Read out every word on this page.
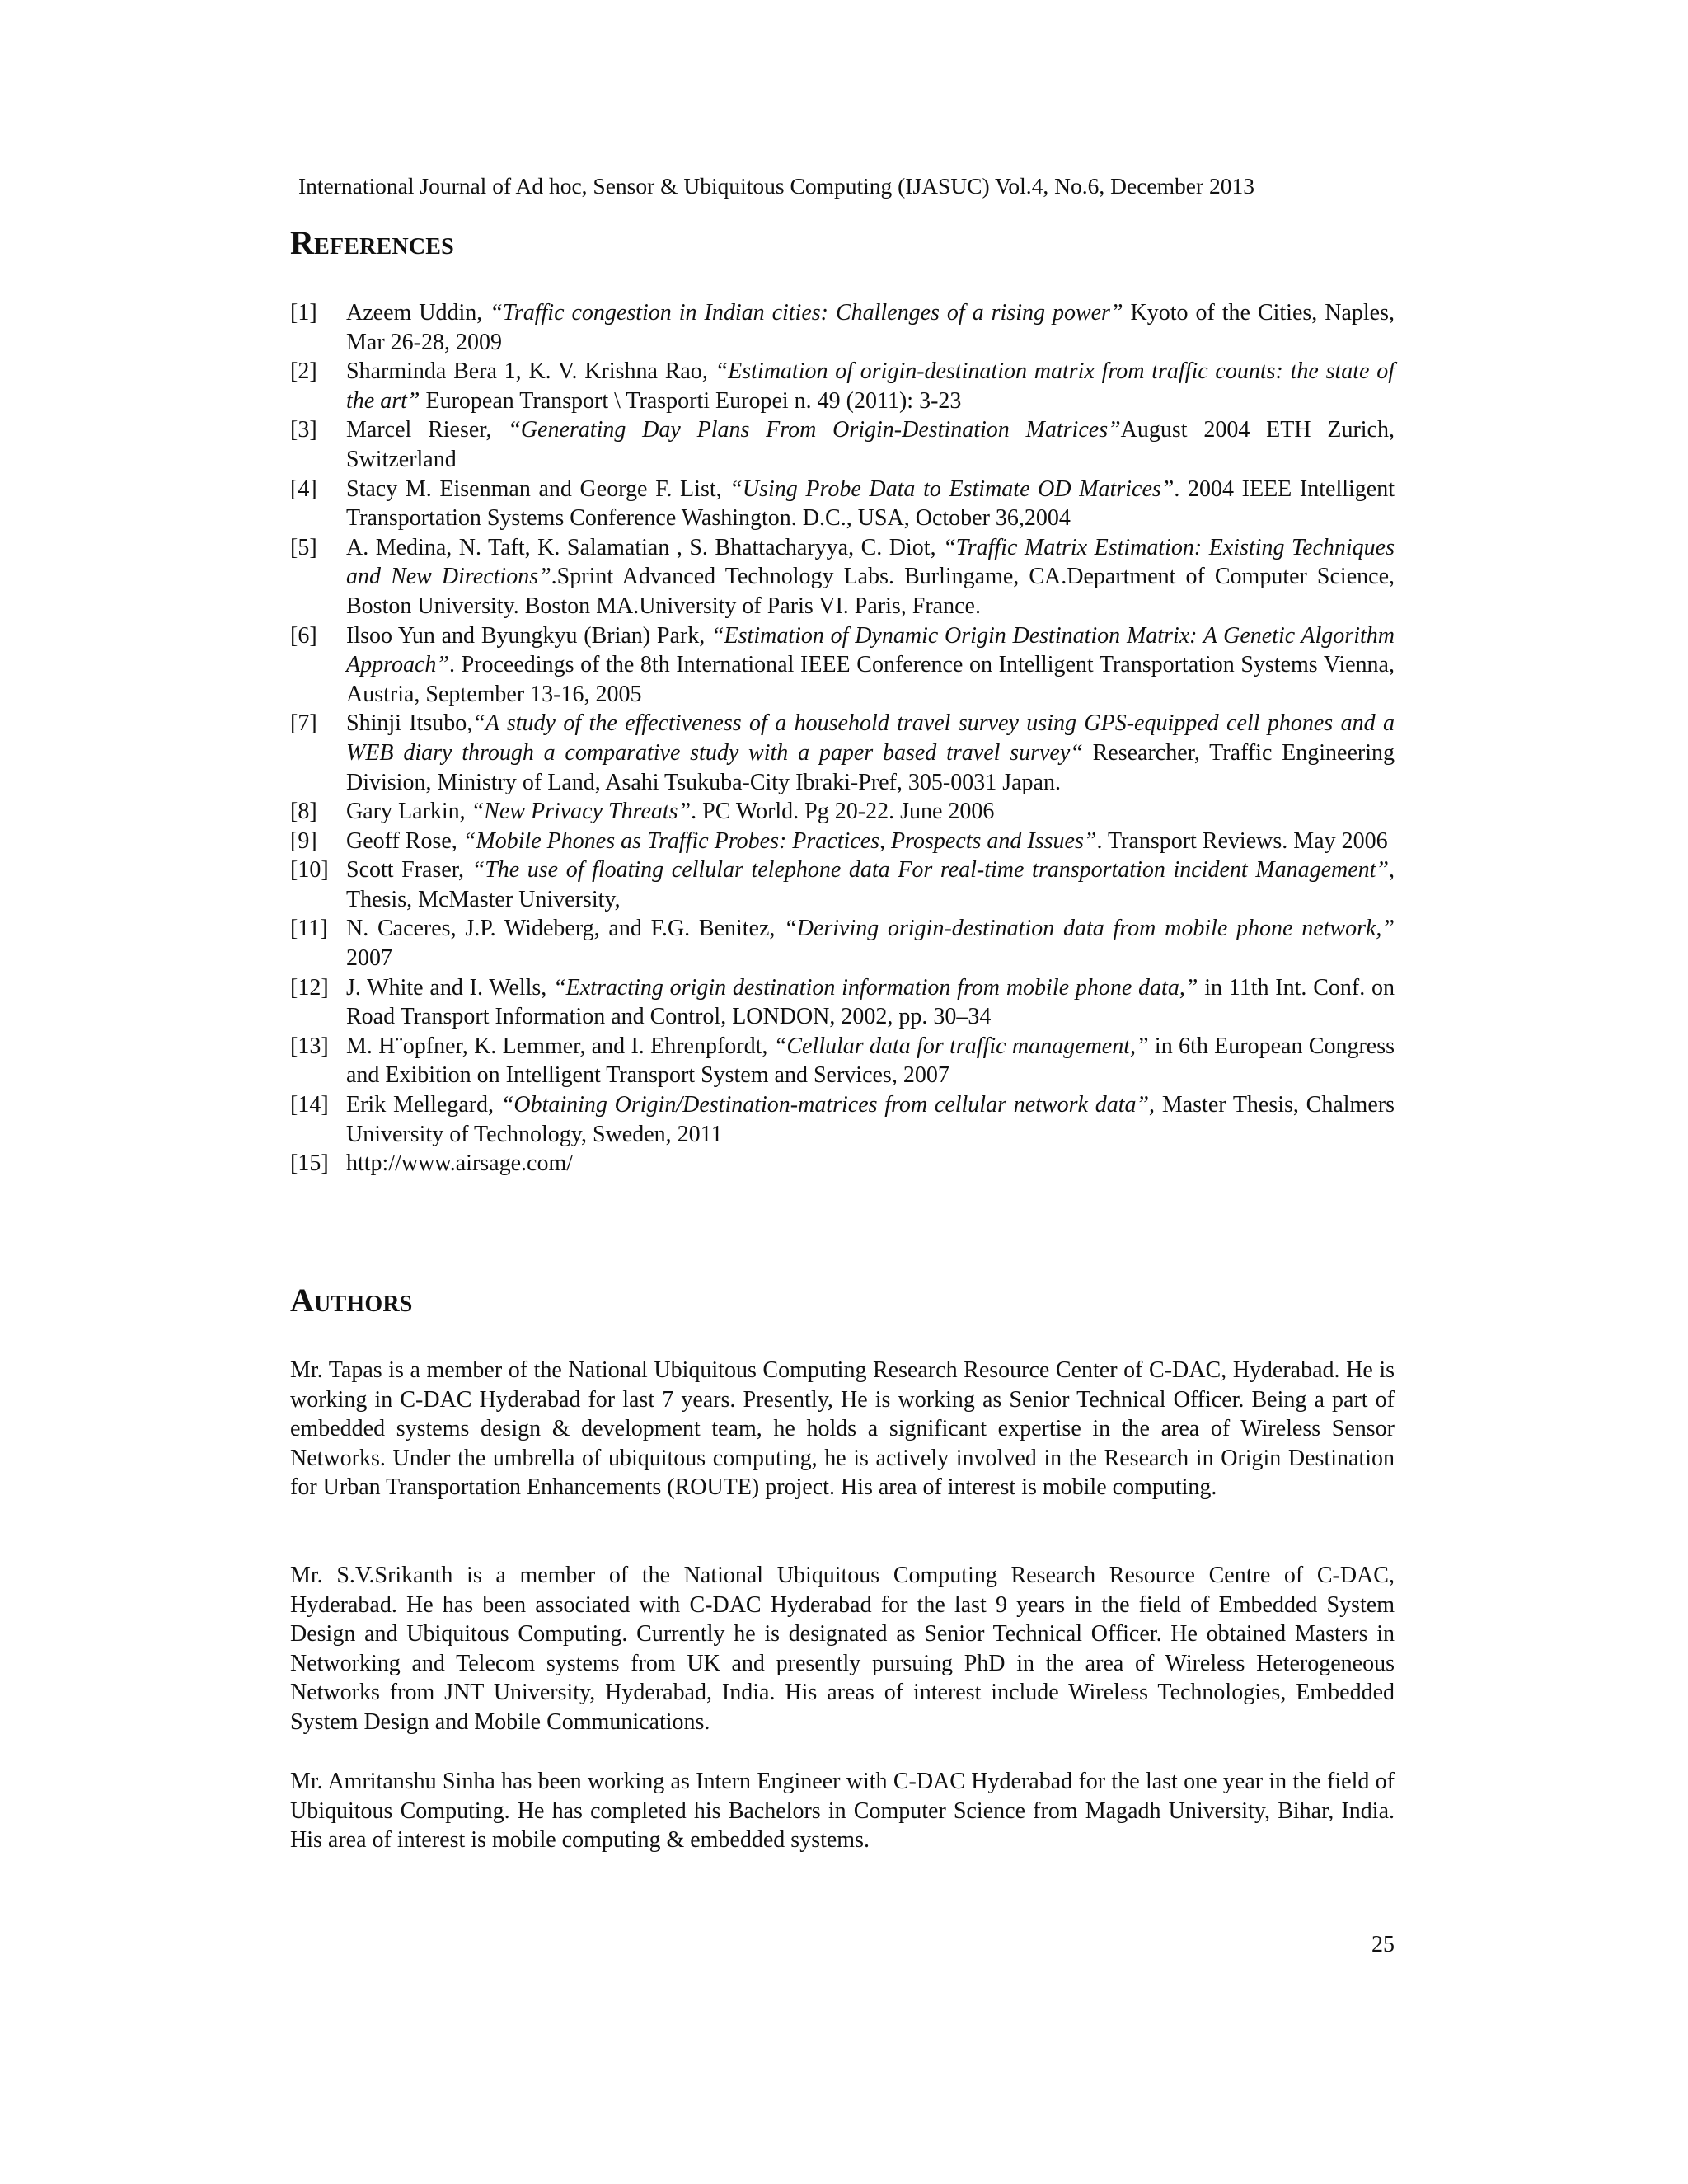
International Journal of Ad hoc, Sensor & Ubiquitous Computing (IJASUC) Vol.4, No.6, December 2013
References
[1] Azeem Uddin, “Traffic congestion in Indian cities: Challenges of a rising power” Kyoto of the Cities, Naples, Mar 26-28, 2009
[2] Sharminda Bera 1, K. V. Krishna Rao, “Estimation of origin-destination matrix from traffic counts: the state of the art” European Transport \ Trasporti Europei n. 49 (2011): 3-23
[3] Marcel Rieser, “Generating Day Plans From Origin-Destination Matrices”August 2004 ETH Zurich, Switzerland
[4] Stacy M. Eisenman and George F. List, “Using Probe Data to Estimate OD Matrices”. 2004 IEEE Intelligent Transportation Systems Conference Washington. D.C., USA, October 36,2004
[5] A. Medina, N. Taft, K. Salamatian , S. Bhattacharyya, C. Diot, “Traffic Matrix Estimation: Existing Techniques and New Directions”.Sprint Advanced Technology Labs. Burlingame, CA.Department of Computer Science, Boston University. Boston MA.University of Paris VI. Paris, France.
[6] Ilsoo Yun and Byungkyu (Brian) Park, “Estimation of Dynamic Origin Destination Matrix: A Genetic Algorithm Approach”. Proceedings of the 8th International IEEE Conference on Intelligent Transportation Systems Vienna, Austria, September 13-16, 2005
[7] Shinji Itsubo,“A study of the effectiveness of a household travel survey using GPS-equipped cell phones and a WEB diary through a comparative study with a paper based travel survey“ Researcher, Traffic Engineering Division, Ministry of Land, Asahi Tsukuba-City Ibraki-Pref, 305-0031 Japan.
[8] Gary Larkin, “New Privacy Threats”. PC World. Pg 20-22. June 2006
[9] Geoff Rose, “Mobile Phones as Traffic Probes: Practices, Prospects and Issues”. Transport Reviews. May 2006
[10] Scott Fraser, “The use of floating cellular telephone data For real-time transportation incident Management”, Thesis, McMaster University,
[11] N. Caceres, J.P. Wideberg, and F.G. Benitez, “Deriving origin-destination data from mobile phone network,” 2007
[12] J. White and I. Wells, “Extracting origin destination information from mobile phone data,” in 11th Int. Conf. on Road Transport Information and Control, LONDON, 2002, pp. 30–34
[13] M. H¨opfner, K. Lemmer, and I. Ehrenpfordt, “Cellular data for traffic management,” in 6th European Congress and Exibition on Intelligent Transport System and Services, 2007
[14] Erik Mellegard, “Obtaining Origin/Destination-matrices from cellular network data”, Master Thesis, Chalmers University of Technology, Sweden, 2011
[15] http://www.airsage.com/
Authors

Mr. Tapas is a member of the National Ubiquitous Computing Research Resource Center of C-DAC, Hyderabad. He is working in C-DAC Hyderabad for last 7 years. Presently, He is working as Senior Technical Officer. Being a part of embedded systems design & development team, he holds a significant expertise in the area of Wireless Sensor Networks. Under the umbrella of ubiquitous computing, he is actively involved in the Research in Origin Destination for Urban Transportation Enhancements (ROUTE) project. His area of interest is mobile computing.

Mr. S.V.Srikanth is a member of the National Ubiquitous Computing Research Resource Centre of C-DAC, Hyderabad. He has been associated with C-DAC Hyderabad for the last 9 years in the field of Embedded System Design and Ubiquitous Computing. Currently he is designated as Senior Technical Officer. He obtained Masters in Networking and Telecom systems from UK and presently pursuing PhD in the area of Wireless Heterogeneous Networks from JNT University, Hyderabad, India. His areas of interest include Wireless Technologies, Embedded System Design and Mobile Communications.

Mr. Amritanshu Sinha has been working as Intern Engineer with C-DAC Hyderabad for the last one year in the field of Ubiquitous Computing. He has completed his Bachelors in Computer Science from Magadh University, Bihar, India. His area of interest is mobile computing & embedded systems.

25
